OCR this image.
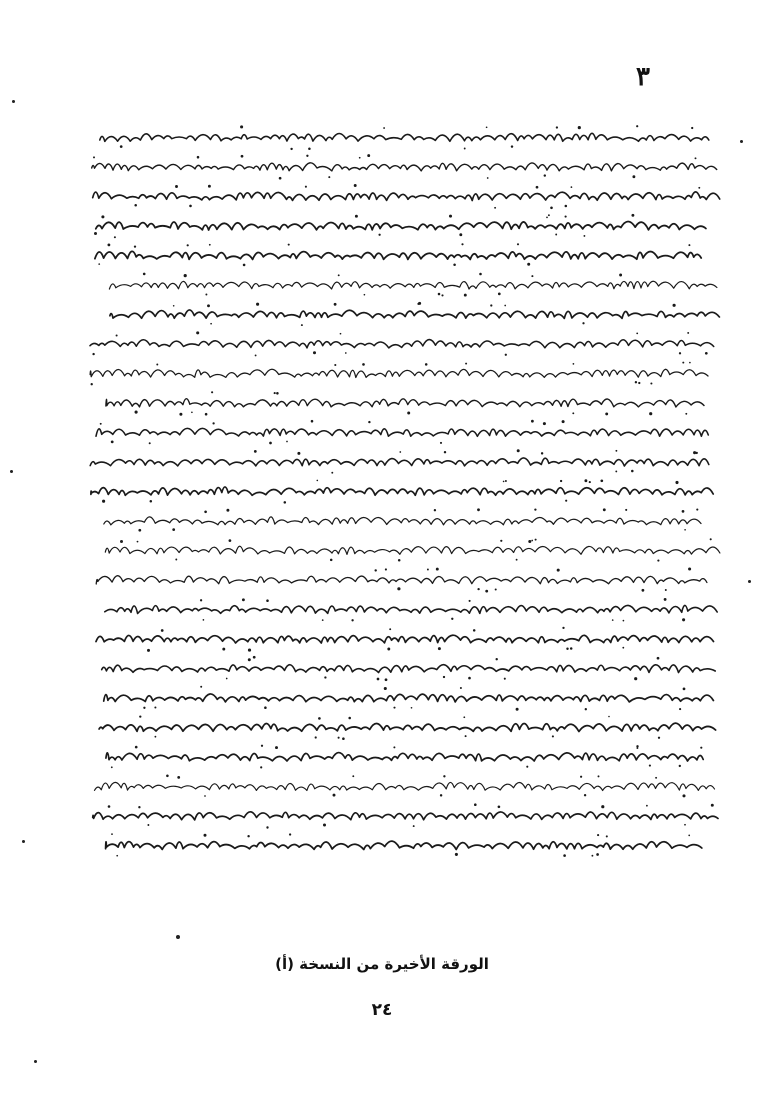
٣
الورقة الأخيرة من النسخة (أ)
٢٤
